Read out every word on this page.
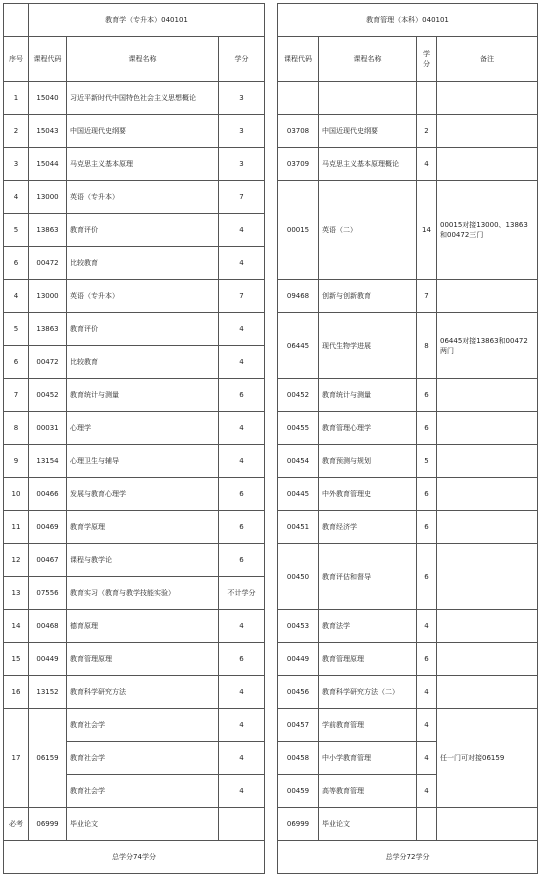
	教育学（专升本）040101		
序号	课程代码	课程名称	学分
1	15040	习近平新时代中国特色社会主义思想概论	3
2	15043	中国近现代史纲要	3
3	15044	马克思主义基本原理	3
4	13000	英语（专升本）	7
5	13863	教育评价	4
6	00472	比较教育	4
4	13000	英语（专升本）	7
5	13863	教育评价	4
6	00472	比较教育	4
7	00452	教育统计与测量	6
8	00031	心理学	4
9	13154	心理卫生与辅导	4
10	00466	发展与教育心理学	6
11	00469	教育学原理	6
12	00467	课程与教学论	6
13	07556	教育实习（教育与教学技能实验）	不计学分
14	00468	德育原理	4
15	00449	教育管理原理	6
16	13152	教育科学研究方法	4
17	06159	教育社会学	4
		教育社会学	4
		教育社会学	4
必考	06999	毕业论文	
总学分74学分			
教育管理（本科）040101			
课程代码	课程名称	学分	备注

03708	中国近现代史纲要	2	
03709	马克思主义基本原理概论	4	
00015	英语（二）	14	00015对接13000、13863和00472三门
09468	创新与创新教育	7	
06445	现代生物学进展	8	06445对接13863和00472两门
00452	教育统计与测量	6	
00455	教育管理心理学	6	
00454	教育预测与规划	5	
00445	中外教育管理史	6	
00451	教育经济学	6	
00450	教育评估和督导	6	
00453	教育法学	4	
00449	教育管理原理	6	
00456	教育科学研究方法（二）	4	
00457	学前教育管理	4	任一门可对接06159
00458	中小学教育管理	4	
00459	高等教育管理	4	
06999	毕业论文		
总学分72学分			
